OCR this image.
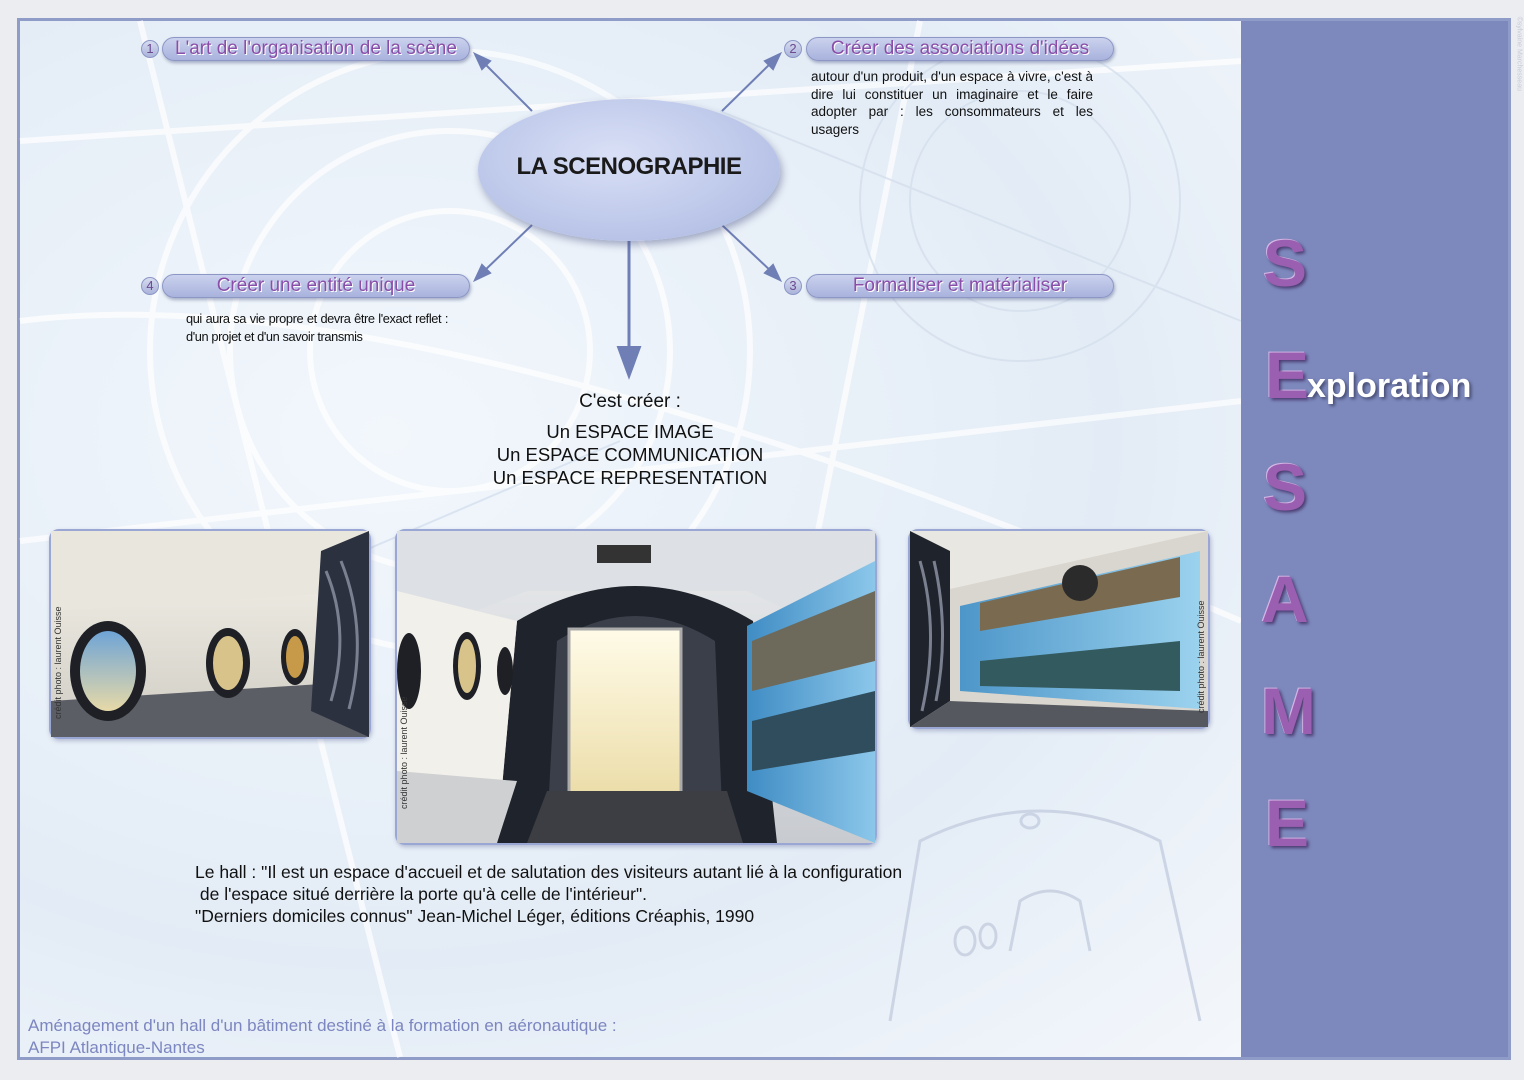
LA SCENOGRAPHIE
1	L'art de l'organisation de la scène	2	Créer des associations d'idées
autour d'un produit, d'un espace à vivre, c'est à dire lui constituer un imaginaire et le faire adopter par : les consommateurs et les usagers
3	Formaliser et matérialiser
4	Créer une entité unique
qui aura sa vie propre et devra être l'exact reflet : d'un projet et d'un savoir transmis
C'est créer :
Un ESPACE IMAGE
Un ESPACE COMMUNICATION
Un ESPACE REPRESENTATION
crédit photo : laurent Ouisse
crédit photo : laurent Ouisse
crédit photo : laurent Ouisse
Le hall : "Il est un espace d'accueil et de salutation des visiteurs autant lié à la configuration
de l'espace situé derrière la porte qu'à celle de l'intérieur".
"Derniers domiciles connus" Jean-Michel Léger, éditions Créaphis, 1990
Aménagement d'un hall d'un bâtiment destiné à la formation en aéronautique :
AFPI Atlantique-Nantes
S
E
xploration
S
A
M
E
©sylvaine Marchesseau
